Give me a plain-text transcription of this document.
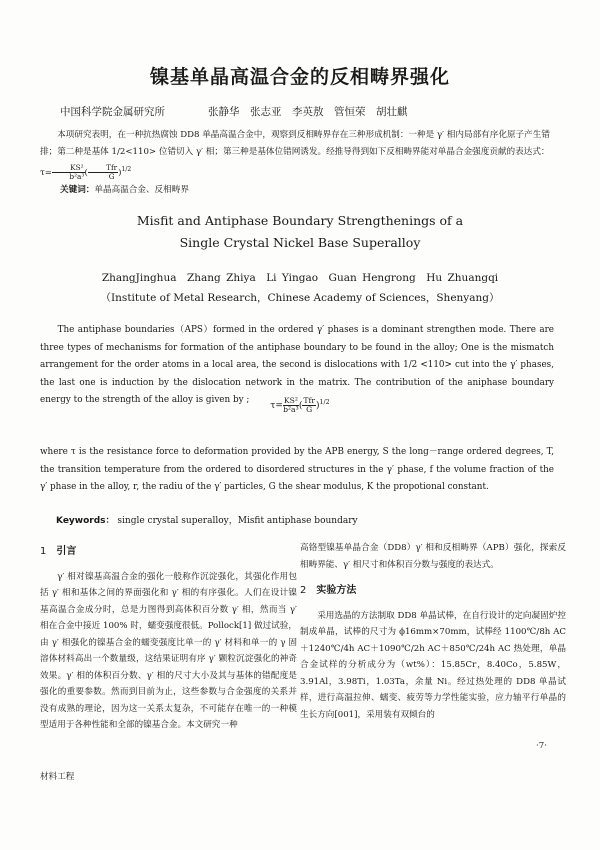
镍基单晶高温合金的反相畴界强化
中国科学院金属研究所	张静华　张志亚　李英敖　管恒荣　胡壮麒
本项研究表明，在一种抗热腐蚀 DD8 单晶高温合金中，观察到反相畴界存在三种形成机制：一种是 γ′ 相内局部有序化原子产生错排；第二种是基体 1/2<110> 位错切入 γ′ 相；第三种是基体位错网诱发。经推导得到如下反相畴界能对单晶合金强度贡献的表达式：$\tau= \frac{\text{KS²}}{\text{b²a³}}$ ( $\frac{\text{Tfr}}{G} )^{1/2}$
关键词：单晶高温合金、反相畴界
Misfit and Antiphase Boundary Strengthenings of a
Single Crystal Nickel Base Superalloy
ZhangJinghua　Zhang Zhiya　Li Yingao　Guan Hengrong　Hu Zhuangqi
（Institute of Metal Research，Chinese Academy of Sciences，Shenyang）

The antiphase boundaries（APS）formed in the ordered γ′ phases is a dominant strengthen mode. There are three types of mechanisms for formation of the antiphase boundary to be found in the alloy; One is the mismatch arrangement for the order atoms in a local area, the second is dislocations with 1/2 <110> cut into the γ′ phases, the last one is induction by the dislocation network in the matrix. The contribution of the aniphase boundary energy to the strength of the alloy is given by ;

$\tau= \frac{\text{KS²}}{\text{b²a³}}$ ( $\frac{\text{Tfr}}{G} )^{1/2}$
where τ is the resistance force to deformation provided by the APB energy, S the long－range ordered degrees, T, the transition temperature from the ordered to disordered structures in the γ′ phase, f the volume fraction of the γ′ phase in the alloy, r, the radiu of the γ′ particles, G the shear modulus, K the propotional constant.
Keywords： single crystal superalloy，Misfit antiphase boundary
1 引言

γ′ 相对镍基高温合金的强化一般称作沉淀强化，其强化作用包括 γ′ 相和基体之间的界面强化和 γ′ 相的有序强化。人们在设计镍基高温合金成分时，总是力图得到高体积百分数 γ′ 相，然而当 γ′ 相在合金中接近 100% 时，蠕变强度很低。Pollock[1] 做过试验，由 γ′ 相强化的镍基合金的蠕变强度比单一的 γ′ 材料和单一的 γ 固溶体材料高出一个数量级，这结果证明有序 γ′ 颗粒沉淀强化的神奇效果。γ′ 相的体积百分数、γ′ 相的尺寸大小及其与基体的错配度是强化的重要参数。然而到目前为止，这些参数与合金强度的关系并没有成熟的理论，因为这一关系太复杂，不可能存在唯一的一种模型适用于各种性能和全部的镍基合金。本文研究一种

高铬型镍基单晶合金（DD8）γ′ 相和反相畴界（APB）强化，探索反相畴界能、γ′ 相尺寸和体积百分数与强度的表达式。

2 实验方法

采用选晶的方法制取 DD8 单晶试棒，在自行设计的定向凝固炉控制成单晶，试棒的尺寸为 ϕ16mm×70mm，试棒经 1100℃/8h AC＋1240℃/4h AC＋1090℃/2h AC＋850℃/24h AC 热处理，单晶合金试样的分析成分为（wt%）：15.85Cr，8.40Co，5.85W，3.91Al，3.98Ti，1.03Ta，余量 Ni。经过热处理的 DD8 单晶试样，进行高温拉伸、蠕变、疲劳等力学性能实验，应力轴平行单晶的生长方向[001]，采用装有双倾台的

材料工程
·7·
